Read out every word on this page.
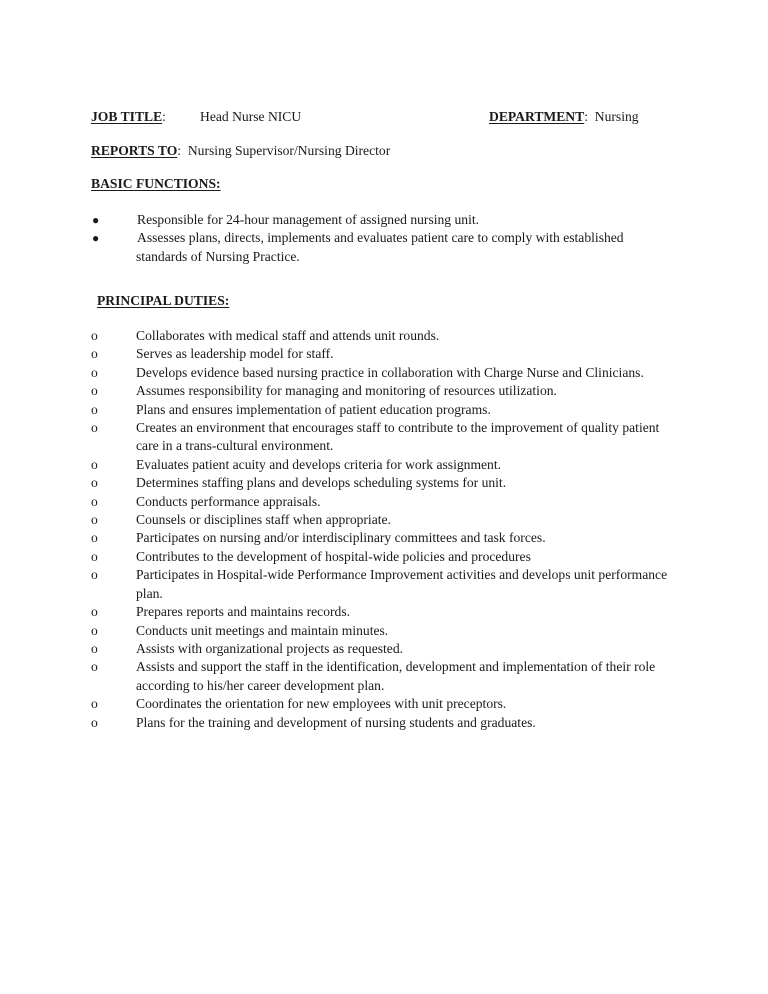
JOB TITLE:	Head Nurse NICU	DEPARTMENT: Nursing
REPORTS TO: Nursing Supervisor/Nursing Director
BASIC FUNCTIONS:
●	Responsible for 24-hour management of assigned nursing unit.
●	Assesses plans, directs, implements and evaluates patient care to comply with established standards of Nursing Practice.
PRINCIPAL DUTIES:
o	Collaborates with medical staff and attends unit rounds.
o	Serves as leadership model for staff.
o	Develops evidence based nursing practice in collaboration with Charge Nurse and Clinicians.
o	Assumes responsibility for managing and monitoring of resources utilization.
o	Plans and ensures implementation of patient education programs.
o	Creates an environment that encourages staff to contribute to the improvement of quality patient care in a trans-cultural environment.
o	Evaluates patient acuity and develops criteria for work assignment.
o	Determines staffing plans and develops scheduling systems for unit.
o	Conducts performance appraisals.
o	Counsels or disciplines staff when appropriate.
o	Participates on nursing and/or interdisciplinary committees and task forces.
o	Contributes to the development of hospital-wide policies and procedures
o	Participates in Hospital-wide Performance Improvement activities and develops unit performance plan.
o	Prepares reports and maintains records.
o	Conducts unit meetings and maintain minutes.
o	Assists with organizational projects as requested.
o	Assists and support the staff in the identification, development and implementation of their role according to his/her career development plan.
o	Coordinates the orientation for new employees with unit preceptors.
o	Plans for the training and development of nursing students and graduates.
